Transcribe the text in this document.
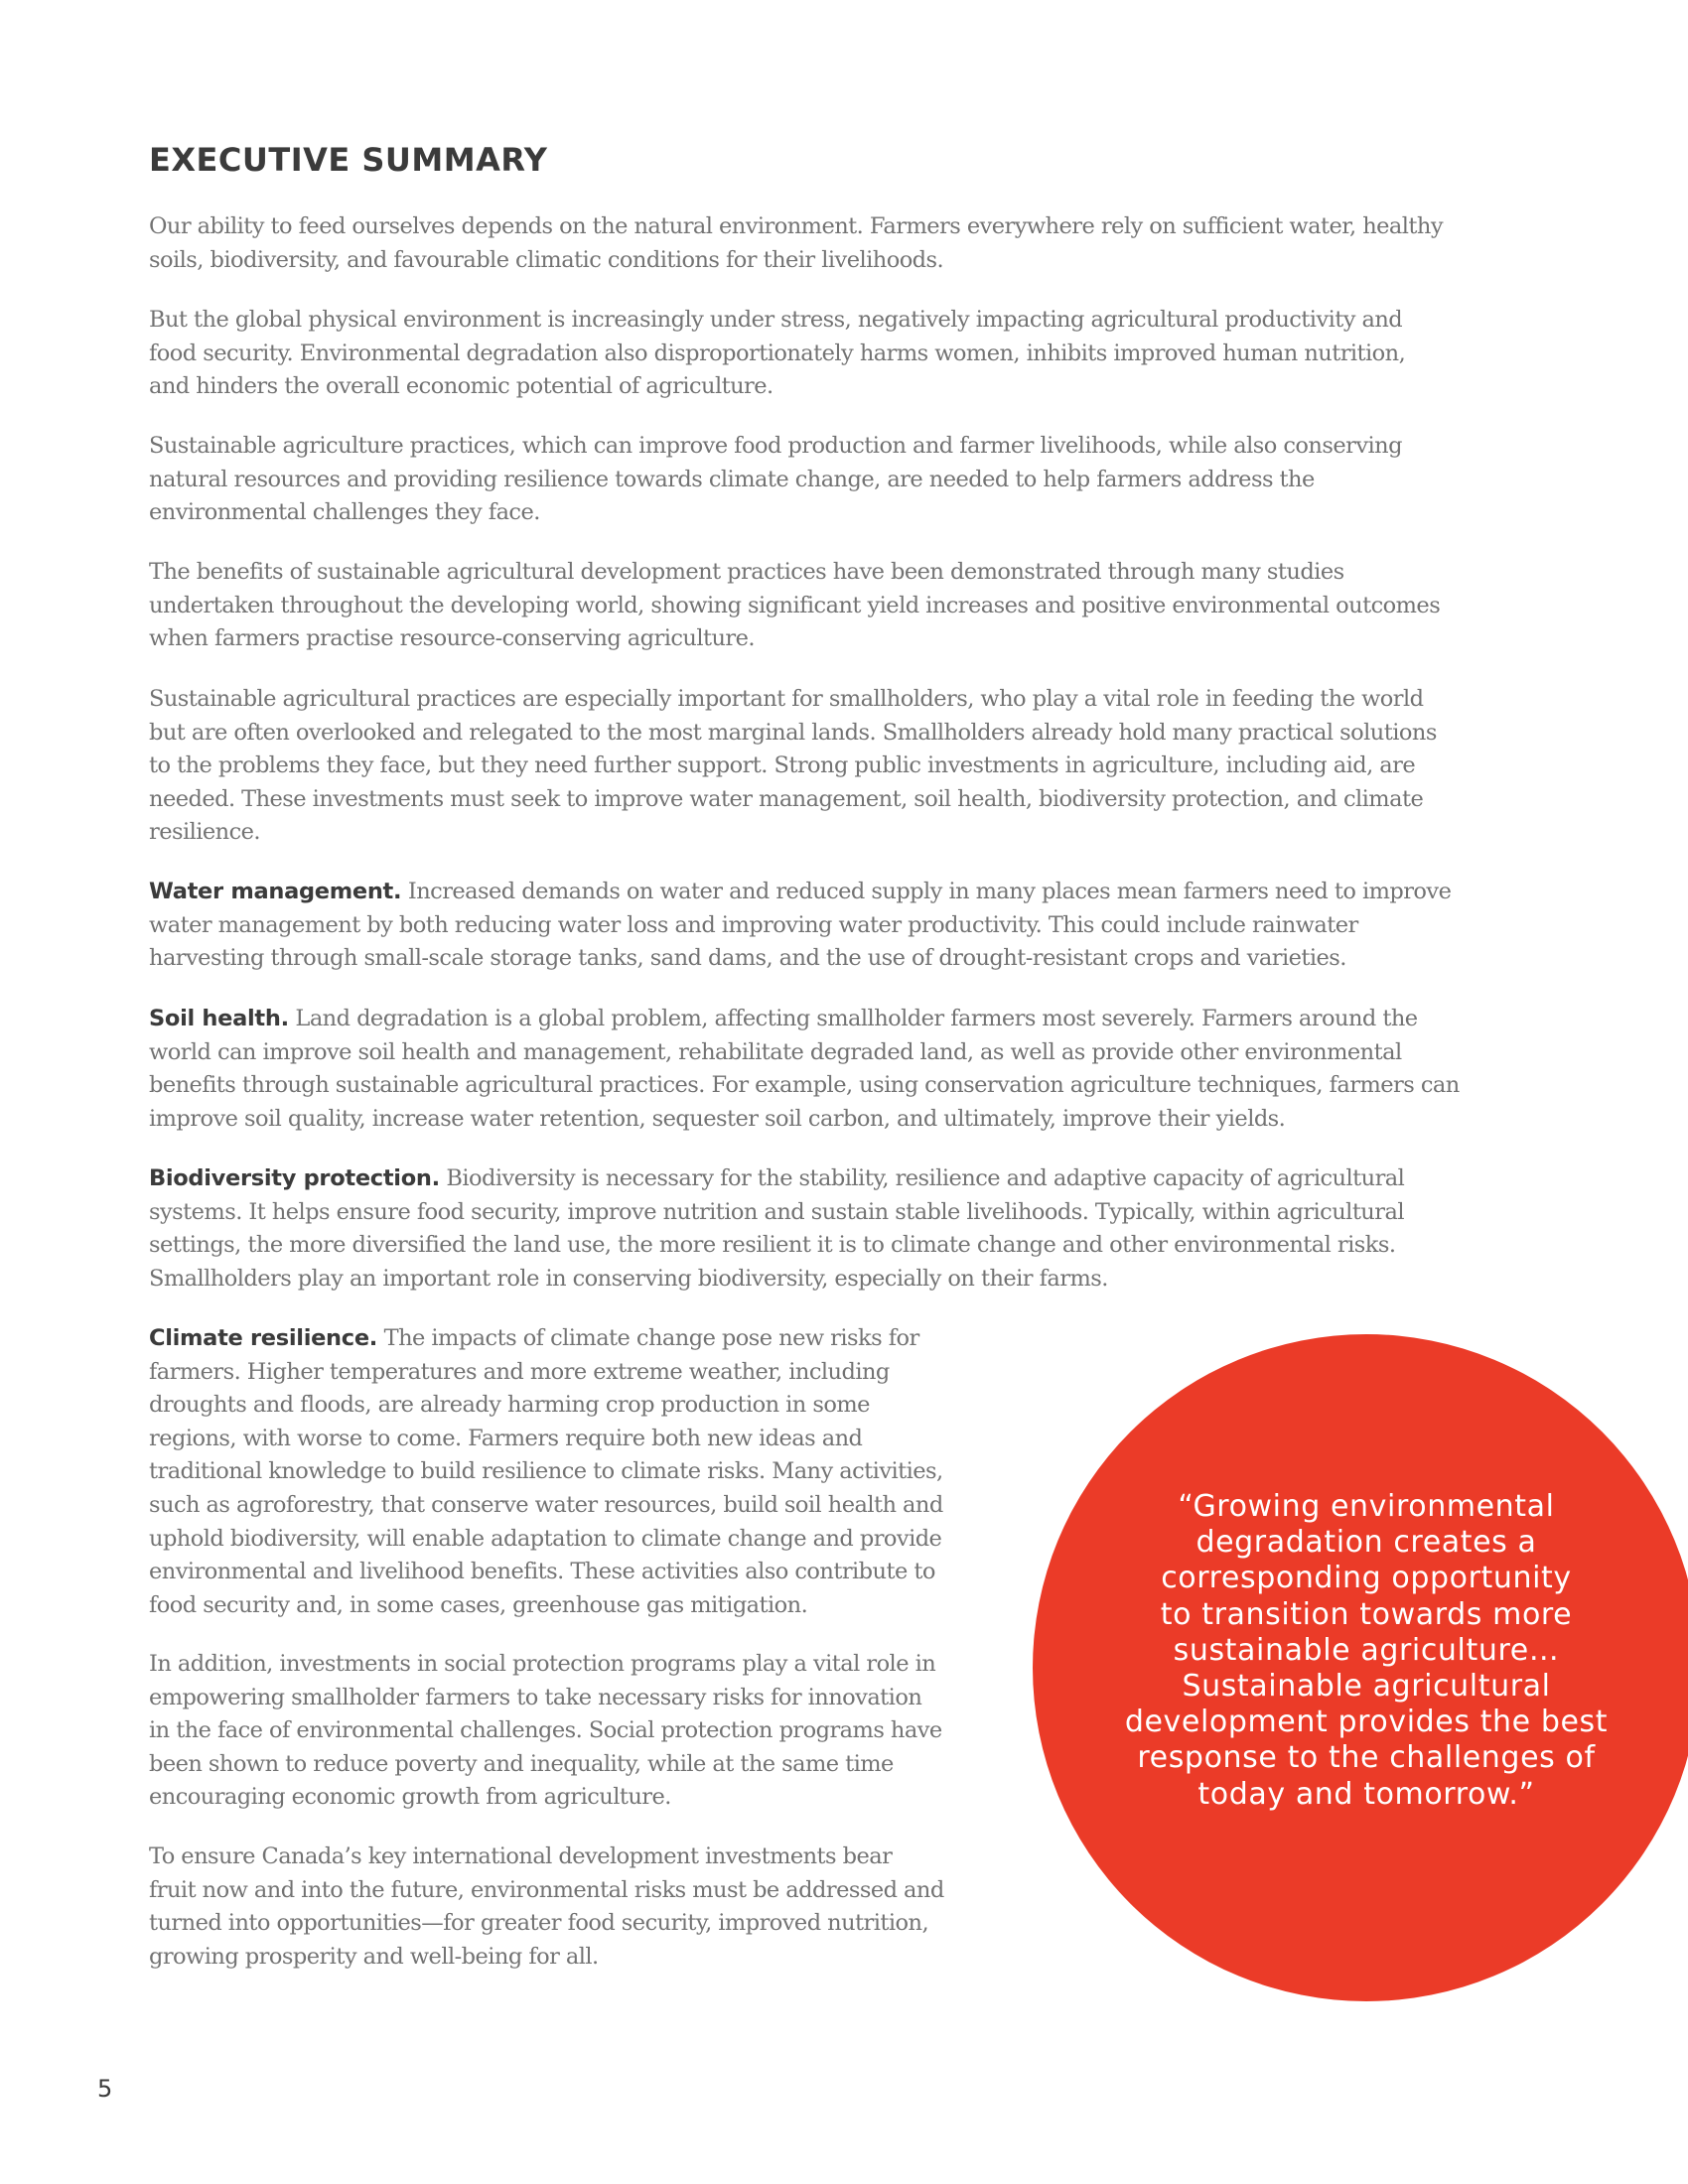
EXECUTIVE SUMMARY

Our ability to feed ourselves depends on the natural environment. Farmers everywhere rely on sufficient water, healthy
soils, biodiversity, and favourable climatic conditions for their livelihoods.

But the global physical environment is increasingly under stress, negatively impacting agricultural productivity and
food security. Environmental degradation also disproportionately harms women, inhibits improved human nutrition,
and hinders the overall economic potential of agriculture.

Sustainable agriculture practices, which can improve food production and farmer livelihoods, while also conserving
natural resources and providing resilience towards climate change, are needed to help farmers address the
environmental challenges they face.

The benefits of sustainable agricultural development practices have been demonstrated through many studies
undertaken throughout the developing world, showing significant yield increases and positive environmental outcomes
when farmers practise resource-conserving agriculture.

Sustainable agricultural practices are especially important for smallholders, who play a vital role in feeding the world
but are often overlooked and relegated to the most marginal lands. Smallholders already hold many practical solutions
to the problems they face, but they need further support. Strong public investments in agriculture, including aid, are
needed. These investments must seek to improve water management, soil health, biodiversity protection, and climate
resilience.

Water management. Increased demands on water and reduced supply in many places mean farmers need to improve
water management by both reducing water loss and improving water productivity. This could include rainwater
harvesting through small-scale storage tanks, sand dams, and the use of drought-resistant crops and varieties.

Soil health. Land degradation is a global problem, affecting smallholder farmers most severely. Farmers around the
world can improve soil health and management, rehabilitate degraded land, as well as provide other environmental
benefits through sustainable agricultural practices. For example, using conservation agriculture techniques, farmers can
improve soil quality, increase water retention, sequester soil carbon, and ultimately, improve their yields.

Biodiversity protection. Biodiversity is necessary for the stability, resilience and adaptive capacity of agricultural
systems. It helps ensure food security, improve nutrition and sustain stable livelihoods. Typically, within agricultural
settings, the more diversified the land use, the more resilient it is to climate change and other environmental risks.
Smallholders play an important role in conserving biodiversity, especially on their farms.

Climate resilience. The impacts of climate change pose new risks for
farmers. Higher temperatures and more extreme weather, including
droughts and floods, are already harming crop production in some
regions, with worse to come. Farmers require both new ideas and
traditional knowledge to build resilience to climate risks. Many activities,
such as agroforestry, that conserve water resources, build soil health and
uphold biodiversity, will enable adaptation to climate change and provide
environmental and livelihood benefits. These activities also contribute to
food security and, in some cases, greenhouse gas mitigation.

In addition, investments in social protection programs play a vital role in
empowering smallholder farmers to take necessary risks for innovation
in the face of environmental challenges. Social protection programs have
been shown to reduce poverty and inequality, while at the same time
encouraging economic growth from agriculture.

To ensure Canada’s key international development investments bear
fruit now and into the future, environmental risks must be addressed and
turned into opportunities—for greater food security, improved nutrition,
growing prosperity and well-being for all.

“Growing environmental
degradation creates a
corresponding opportunity
to transition towards more
sustainable agriculture…
Sustainable agricultural
development provides the best
response to the challenges of
today and tomorrow.”

5
